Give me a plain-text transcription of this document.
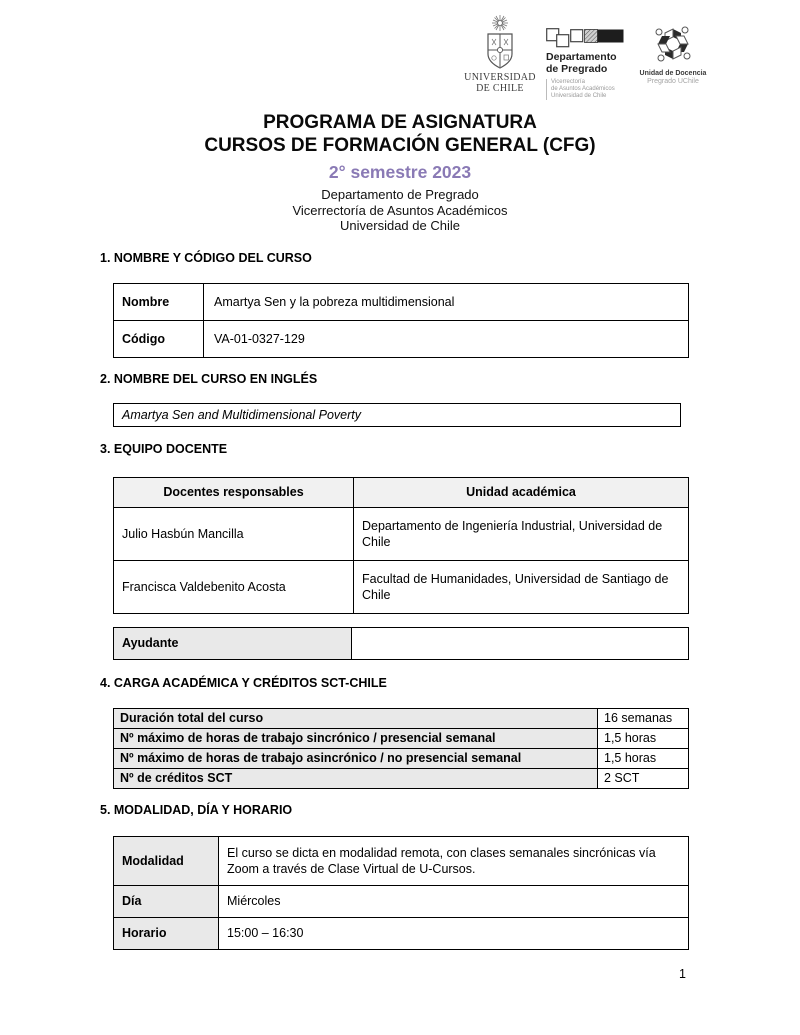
UNIVERSIDAD
DE CHILE
Departamento
de Pregrado
Vicerrectoría
de Asuntos Académicos
Universidad de Chile
Unidad de Docencia
Pregrado UChile
PROGRAMA DE ASIGNATURA
CURSOS DE FORMACIÓN GENERAL (CFG)
2° semestre 2023
Departamento de Pregrado
Vicerrectoría de Asuntos Académicos
Universidad de Chile
1. NOMBRE Y CÓDIGO DEL CURSO
Nombre	Amartya Sen y la pobreza multidimensional
Código	VA-01-0327-129
2. NOMBRE DEL CURSO EN INGLÉS
Amartya Sen and Multidimensional Poverty
3. EQUIPO DOCENTE
Docentes responsables	Unidad académica
Julio Hasbún Mancilla	Departamento de Ingeniería Industrial, Universidad de Chile
Francisca Valdebenito Acosta	Facultad de Humanidades, Universidad de Santiago de Chile
Ayudante	
4. CARGA ACADÉMICA Y CRÉDITOS SCT-CHILE
Duración total del curso	16 semanas
Nº máximo de horas de trabajo sincrónico / presencial semanal	1,5 horas
Nº máximo de horas de trabajo asincrónico / no presencial semanal	1,5 horas
Nº de créditos SCT	2 SCT
5. MODALIDAD, DÍA Y HORARIO
Modalidad	El curso se dicta en modalidad remota, con clases semanales sincrónicas vía Zoom a través de Clase Virtual de U-Cursos.
Día	Miércoles
Horario	15:00 – 16:30
1
